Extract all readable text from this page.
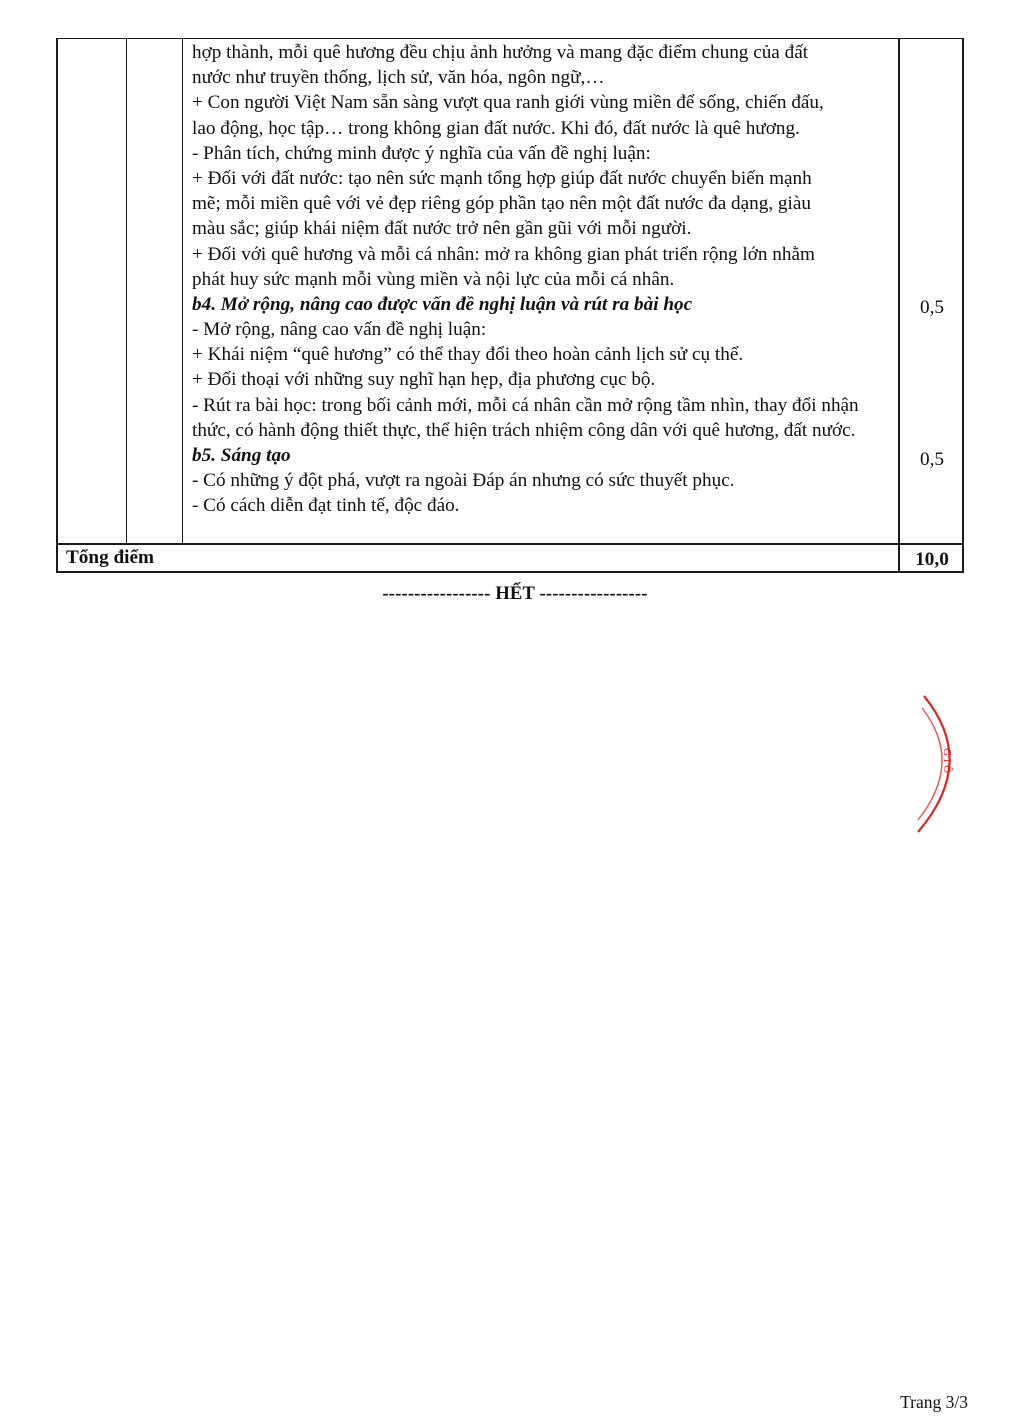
hợp thành, mỗi quê hương đều chịu ảnh hưởng và mang đặc điểm chung của đất
nước như truyền thống, lịch sử, văn hóa, ngôn ngữ,…
+ Con người Việt Nam sẵn sàng vượt qua ranh giới vùng miền để sống, chiến đấu,
lao động, học tập… trong không gian đất nước. Khi đó, đất nước là quê hương.
- Phân tích, chứng minh được ý nghĩa của vấn đề nghị luận:
+ Đối với đất nước: tạo nên sức mạnh tổng hợp giúp đất nước chuyển biến mạnh
mẽ; mỗi miền quê với vẻ đẹp riêng góp phần tạo nên một đất nước đa dạng, giàu
màu sắc; giúp khái niệm đất nước trở nên gần gũi với mỗi người.
+ Đối với quê hương và mỗi cá nhân: mở ra không gian phát triển rộng lớn nhằm
phát huy sức mạnh mỗi vùng miền và nội lực của mỗi cá nhân.
b4. Mở rộng, nâng cao được vấn đề nghị luận và rút ra bài học
- Mở rộng, nâng cao vấn đề nghị luận:
+ Khái niệm “quê hương” có thể thay đổi theo hoàn cảnh lịch sử cụ thể.
+ Đối thoại với những suy nghĩ hạn hẹp, địa phương cục bộ.
- Rút ra bài học: trong bối cảnh mới, mỗi cá nhân cần mở rộng tầm nhìn, thay đổi nhận
thức, có hành động thiết thực, thể hiện trách nhiệm công dân với quê hương, đất nước.
b5. Sáng tạo
- Có những ý đột phá, vượt ra ngoài Đáp án nhưng có sức thuyết phục.
- Có cách diễn đạt tinh tế, độc đáo.
0,5
0,5
Tổng điểm	10,0
----------------- HẾT -----------------
G I Ô
Trang 3/3
